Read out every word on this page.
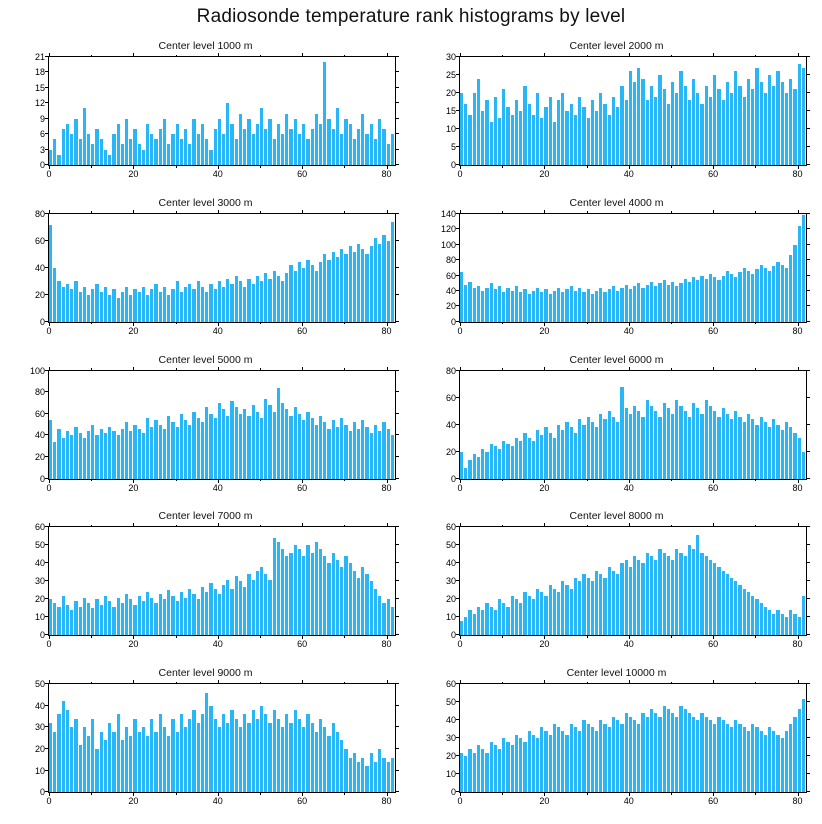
Radiosonde temperature rank histograms by level
Center level 1000 m
0
3
6
9
12
15
18
21
0	20	40	60	80
Center level 2000 m
0
5
10
15
20
25
30
0	20	40	60	80
Center level 3000 m
0
20
40
60
80
0	20	40	60	80
Center level 4000 m
0
20
40
60
80
100
120
140
0	20	40	60	80
Center level 5000 m
0
20
40
60
80
100
0	20	40	60	80
Center level 6000 m
0
20
40
60
80
0	20	40	60	80
Center level 7000 m
0
10
20
30
40
50
60
0	20	40	60	80
Center level 8000 m
0
10
20
30
40
50
60
0	20	40	60	80
Center level 9000 m
0
10
20
30
40
50
0	20	40	60	80
Center level 10000 m
0
10
20
30
40
50
60
0	20	40	60	80
